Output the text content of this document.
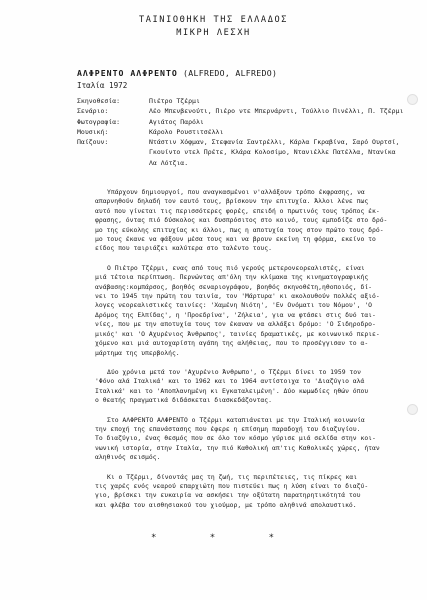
ΤΑΙΝΙΟΘΗΚΗ ΤΗΣ ΕΛΛΑΔΟΣ
ΜΙΚΡΗ ΛΕΣΧΗ
ΑΛΦΡΕΝΤΟ ΑΛΦΡΕΝΤΟ (ALFREDO, ALFREDO)
Ιταλία 1972
Σκηνοθεσία:	Πιέτρο Τζέρμι
Σενάριο:	Λέο Μπενβενούτι, Πιέρο ντε Μπερνάρντι, Τούλλιο Πινέλλι, Π. Τζέρμι
Φωτογραφία:	Αγιάτος Παρόλι
Μουσική:	Κάρολο Ρουστιτσέλλι
Παίζουν:	Ντάστιν Χόφμαν, Στεφανία Σαντρέλλι, Κάρλα Γκραβίνα, Σαρό Ουρτσί,
Γκουίντο ντελ Πρέτε, Κλάρα Κολοσίμο, Ντανιέλλε Πατέλλα, Ντανίκα
Λα Λότζια.
Υπάρχουν δημιουργοί, που αναγκασμένοι ν'αλλάξουν τρόπο έκφρασης, να
απαρνηθούν δηλαδή τον εαυτό τους, βρίσκουν την επιτυχία. Άλλοι λένε πως
αυτό που γίνεται τις περισσότερες φορές, επειδή ο πρωτινός τους τρόπος έκ-
φρασης, όντας πιό δύσκολος και δυσπρόσιτος στο κοινό, τους εμποδίζε στο δρό-
μο της εύκολης επιτυχίας κι άλλοι, πως η αποτυχία τους στον πρώτο τους δρό-
μο τους έκανε να φάξουν μέσα τους και να βρουν εκείνη τη φόρμα, εκείνο το
είδος που ταιριάζει καλύτερα στο ταλέντο τους.
Ο Πιέτρο Τζέρμι, ενας από τους πιό γερούς μετερονεορεαλιστές, είναι
μιά τέτοια περίπτωση. Περνώντας απ'όλη την κλίμακα της κινηματογραφικής
ανάβασης:κομπάρσος, βοηθός σεναριογράφου, βοηθός σκηνοθέτη,ηθοποιός, δί-
νει το 1945 την πρώτη του ταινία, τον 'Μάρτυρα' κι ακολουθούν πολλές αξιό-
λογες νεορεαλιστικές ταινίες: 'Χαμένη Νιότη', 'Εν Ονόματι του Νόμου', 'Ο
Δρόμος της Ελπίδας', η 'Προεδρίνα', 'Ζήλεια', για να φτάσει στις δυό ται-
νίες, που με την αποτυχία τους τον έκαναν να αλλάξει δρόμο: 'Ο Σιδηροδρο-
μικός' και 'Ο Αχυρένιος Άνθρωπος', ταινίες δραματικές, με κοινωνικό περιε-
χόμενο και μιά αυτοχαρίστη αγάπη της αλήθειας, που το προσέγγισαν το α-
μάρτημα της υπερβολής.
Δύο χρόνια μετά τον 'Αχυρένιο Άνθρωπο', ο Τζέρμι δίνει το 1959 τον
'Φόνο αλά Ιταλικά' και το 1962 και το 1964 αντίστοιχα το 'Διαζύγιο αλά
Ιταλικά' και το 'Αποπλανημένη κι Εγκαταλειμένη'. Δύο κωμωδίες ηθών όπου
ο θεατής πραγματικά διδάσκεται διασκεδάζοντας.
Στο ΑΛΦΡΕΝΤΟ ΑΛΦΡΕΝΤΟ ο Τζέρμι καταπιάνεται με την Ιταλική κοινωνία
την εποχή της επανάστασης που έφερε η επίσημη παραδοχή του διαζυγίου.
Το διαζύγιο, ένας θεσμός που σε όλο τον κόσμο γύρισε μιά σελίδα στην κοι-
νωνική ιστορία, στην Ιταλία, την πιό Καθολική απ'τις Καθολικές χώρες, ήταν
αληθινός σεισμός.
Κι ο Τζέρμι, δίνοντάς μας τη ζωή, τις περιπέτειες, τις πίκρες και
τις χαρές ενός νεαρού επαρχιώτη που πιστεύει πως η λύση είναι το διαζύ-
γιο, βρίσκει την ευκαιρία να ασκήσει την οξύτατη παρατηρητικότητά του
και φλέβα του αισθησιακού του χιούμορ, με τρόπο αληθινά απολαυστικό.
*	*	*
